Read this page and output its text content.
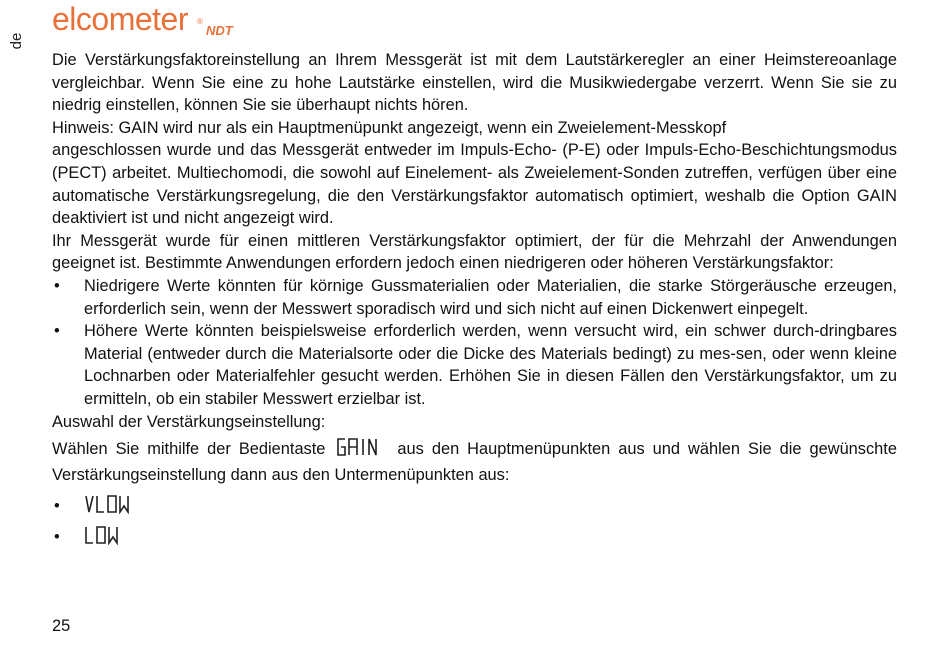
de
elcometer ®
NDT

Die Verstärkungsfaktoreinstellung an Ihrem Messgerät ist mit dem Lautstärkeregler an einer Heimstereoanlage vergleichbar. Wenn Sie eine zu hohe Lautstärke einstellen, wird die Musikwiedergabe verzerrt. Wenn Sie sie zu niedrig einstellen, können Sie sie überhaupt nichts hören.

Hinweis: GAIN wird nur als ein Hauptmenüpunkt angezeigt, wenn ein Zweielement-Messkopf

angeschlossen wurde und das Messgerät entweder im Impuls-Echo- (P-E) oder Impuls-Echo-Beschichtungsmodus (PECT) arbeitet. Multiechomodi, die sowohl auf Einelement- als Zweielement-Sonden zutreffen, verfügen über eine automatische Verstärkungsregelung, die den Verstärkungsfaktor automatisch optimiert, weshalb die Option GAIN deaktiviert ist und nicht angezeigt wird.

Ihr Messgerät wurde für einen mittleren Verstärkungsfaktor optimiert, der für die Mehrzahl der Anwendungen geeignet ist. Bestimmte Anwendungen erfordern jedoch einen niedrigeren oder höheren Verstärkungsfaktor:

• Niedrigere Werte könnten für körnige Gussmaterialien oder Materialien, die starke Störgeräusche erzeugen, erforderlich sein, wenn der Messwert sporadisch wird und sich nicht auf einen Dickenwert einpegelt.
• Höhere Werte könnten beispielsweise erforderlich werden, wenn versucht wird, ein schwer durch-dringbares Material (entweder durch die Materialsorte oder die Dicke des Materials bedingt) zu mes-sen, oder wenn kleine Lochnarben oder Materialfehler gesucht werden. Erhöhen Sie in diesen Fällen den Verstärkungsfaktor, um zu ermitteln, ob ein stabiler Messwert erzielbar ist.

Auswahl der Verstärkungseinstellung:

Wählen Sie mithilfe der Bedientaste	aus den Hauptmenüpunkten aus und wählen Sie die gewünschte Verstärkungseinstellung dann aus den Untermenüpunkten aus:

•
•
25
